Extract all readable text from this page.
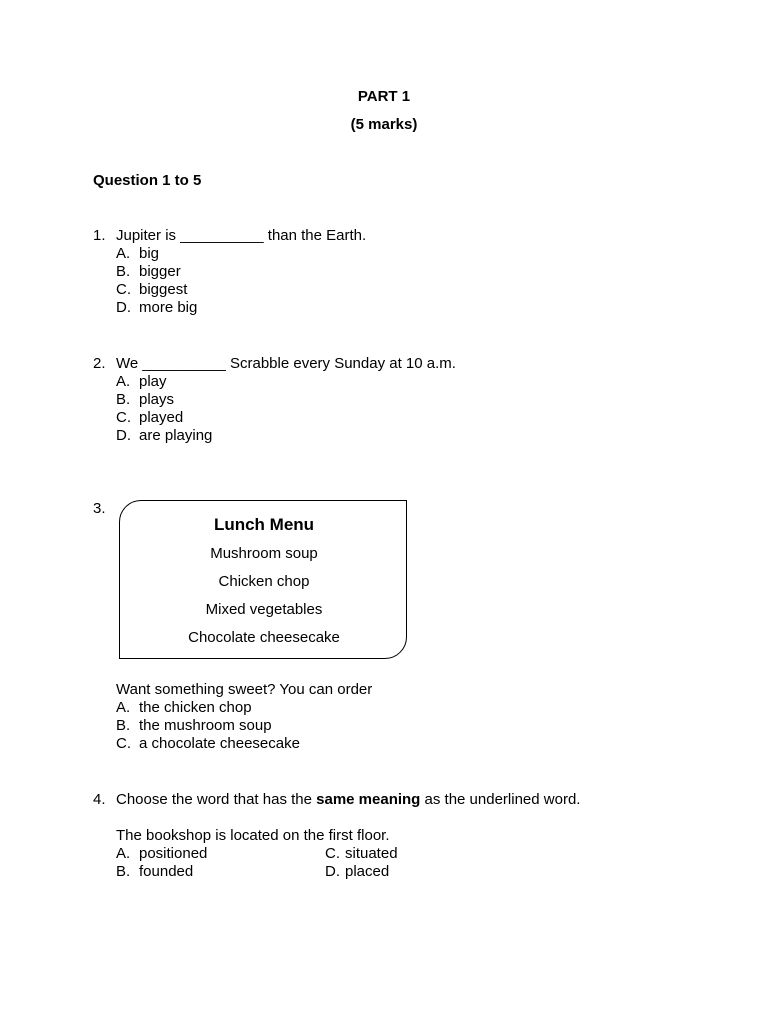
PART 1
(5 marks)
Question 1 to 5
1. Jupiter is __________ than the Earth.
A. big
B. bigger
C. biggest
D. more big
2. We __________ Scrabble every Sunday at 10 a.m.
A. play
B. plays
C. played
D. are playing
3.
Lunch Menu
Mushroom soup
Chicken chop
Mixed vegetables
Chocolate cheesecake
Want something sweet? You can order
A. the chicken chop
B. the mushroom soup
C. a chocolate cheesecake
4. Choose the word that has the same meaning as the underlined word.
The bookshop is located on the first floor.
A. positioned
B. founded
C. situated
D. placed
